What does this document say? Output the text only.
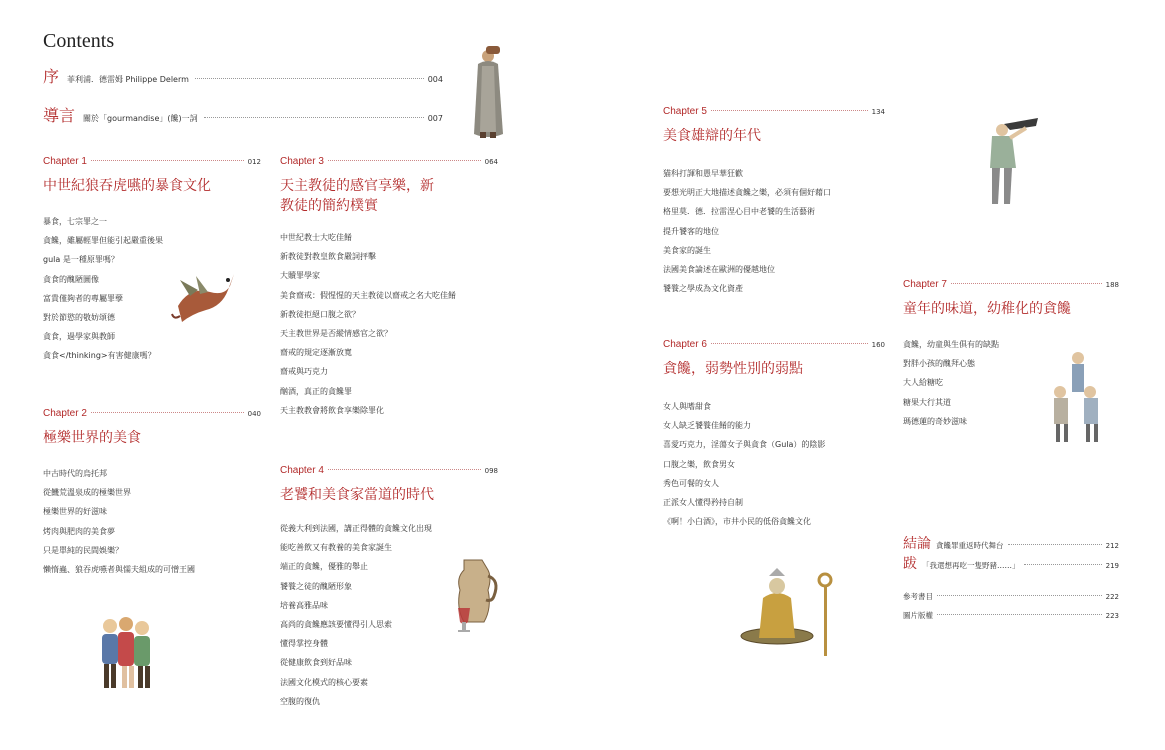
Contents
序 菲利浦．德雷姆 Philippe Delerm	004
導言 關於「gourmandise」(饞)一詞	007
Chapter 1	012
中世紀狼吞虎嚥的暴食文化
暴食，七宗罪之一
貪饞，雖屬輕罪但能引起嚴重後果
gula 是一種原罪嗎？
貪食的醜陋圖像
富貴僅夠者的專屬罪孽
對於節慾的敬妨頌德
貪食，過學家與教師
貪食</thinking>有害健康嗎？
Chapter 2	040
極樂世界的美食
中古時代的烏托邦
從饑荒溫泉成的極樂世界
極樂世界的好滋味
烤肉與肥肉的美食夢
只是單純的民間娛樂？
懶惰蟲、狼吞虎嚥者與懦夫組成的可憎王國
Chapter 3	064
天主教徒的感官享樂，新教徒的簡約樸實
中世紀教士大吃佳餚
新教徒對教皇飲食嚴詞抨擊
大贖罪學家
美食齋戒：假惺惺的天主教徒以齋戒之名大吃佳餚
新教徒拒絕口腹之欲？
天主教世界是否縱情感官之欲？
齋戒的規定逐漸放寬
齋戒與巧克力
酗酒，真正的貪饞罪
天主教教會將飲食享樂除罪化
Chapter 4	098
老饕和美食家當道的時代
從義大利到法國，講正得體的貪饞文化出現
能吃善飲又有教養的美食家誕生
端正的貪饞，優雅的舉止
饕餮之徒的醜陋形象
培養高雅品味
高尚的貪饞應該要懂得引人思索
懂得掌控身體
從健康飲食到好品味
法國文化模式的核心要素
空腹的復仇
Chapter 5	134
美食雄辯的年代
猫科打諢和愚早華狂歡
要想光明正大地描述貪饞之樂，必須有個好藉口
格里莫．德．拉雷涅心目中老饕的生活藝術
提升饕客的地位
美食家的誕生
法國美食論述在歐洲的優越地位
饕餮之學成為文化資產
Chapter 6	160
貪饞，弱勢性別的弱點
女人與嗜甜食
女人缺乏饕餮佳餚的能力
喜愛巧克力，淫蕩女子與貪食（Gula）的陰影
口腹之樂，飲食男女
秀色可餐的女人
正派女人懂得矜持自制
《啊！小白酒》，市井小民的低俗貪饞文化
Chapter 7	188
童年的味道，幼稚化的貪饞
貪饞，幼童與生俱有的缺點
對胖小孩的醜拜心態
大人給糖吃
糖果大行其道
瑪德蓮的奇妙滋味
結論 貪饞罪重返時代舞台	212
跋 「我還想再吃一隻野豬……」	219
參考書目	222
圖片版權	223
